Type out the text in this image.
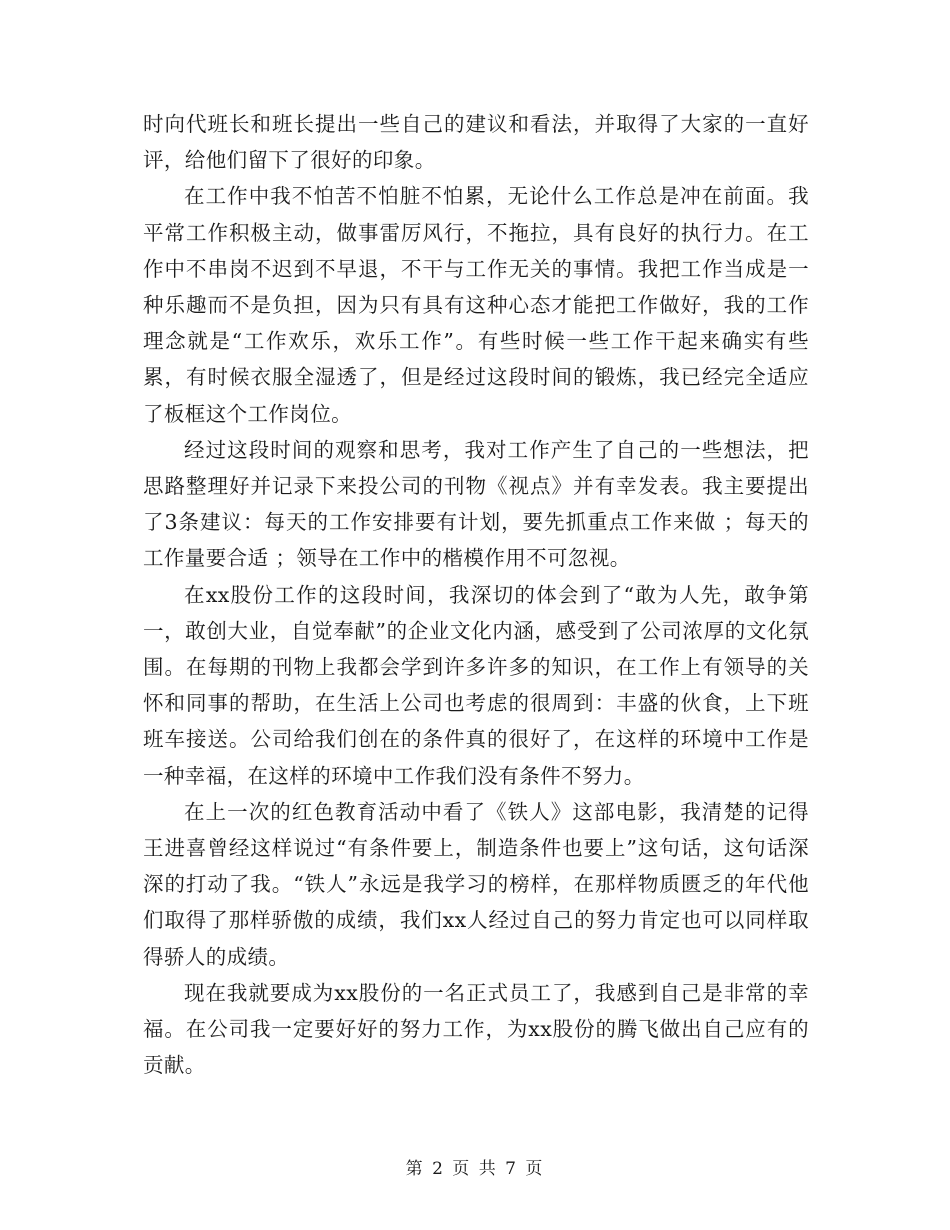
时向代班长和班长提出一些自己的建议和看法，并取得了大家的一直好评，给他们留下了很好的印象。

在工作中我不怕苦不怕脏不怕累，无论什么工作总是冲在前面。我平常工作积极主动，做事雷厉风行，不拖拉，具有良好的执行力。在工作中不串岗不迟到不早退，不干与工作无关的事情。我把工作当成是一种乐趣而不是负担，因为只有具有这种心态才能把工作做好，我的工作理念就是“工作欢乐，欢乐工作”。有些时候一些工作干起来确实有些累，有时候衣服全湿透了，但是经过这段时间的锻炼，我已经完全适应了板框这个工作岗位。

经过这段时间的观察和思考，我对工作产生了自己的一些想法，把思路整理好并记录下来投公司的刊物《视点》并有幸发表。我主要提出了3条建议：每天的工作安排要有计划，要先抓重点工作来做 ；每天的工作量要合适 ；领导在工作中的楷模作用不可忽视。

在xx股份工作的这段时间，我深切的体会到了“敢为人先，敢争第一，敢创大业，自觉奉献”的企业文化内涵，感受到了公司浓厚的文化氛围。在每期的刊物上我都会学到许多许多的知识，在工作上有领导的关怀和同事的帮助，在生活上公司也考虑的很周到：丰盛的伙食，上下班班车接送。公司给我们创在的条件真的很好了，在这样的环境中工作是一种幸福，在这样的环境中工作我们没有条件不努力。

在上一次的红色教育活动中看了《铁人》这部电影，我清楚的记得王进喜曾经这样说过“有条件要上，制造条件也要上”这句话，这句话深深的打动了我。“铁人”永远是我学习的榜样，在那样物质匮乏的年代他们取得了那样骄傲的成绩，我们xx人经过自己的努力肯定也可以同样取得骄人的成绩。

现在我就要成为xx股份的一名正式员工了，我感到自己是非常的幸福。在公司我一定要好好的努力工作，为xx股份的腾飞做出自己应有的贡献。

第 2 页 共 7 页
